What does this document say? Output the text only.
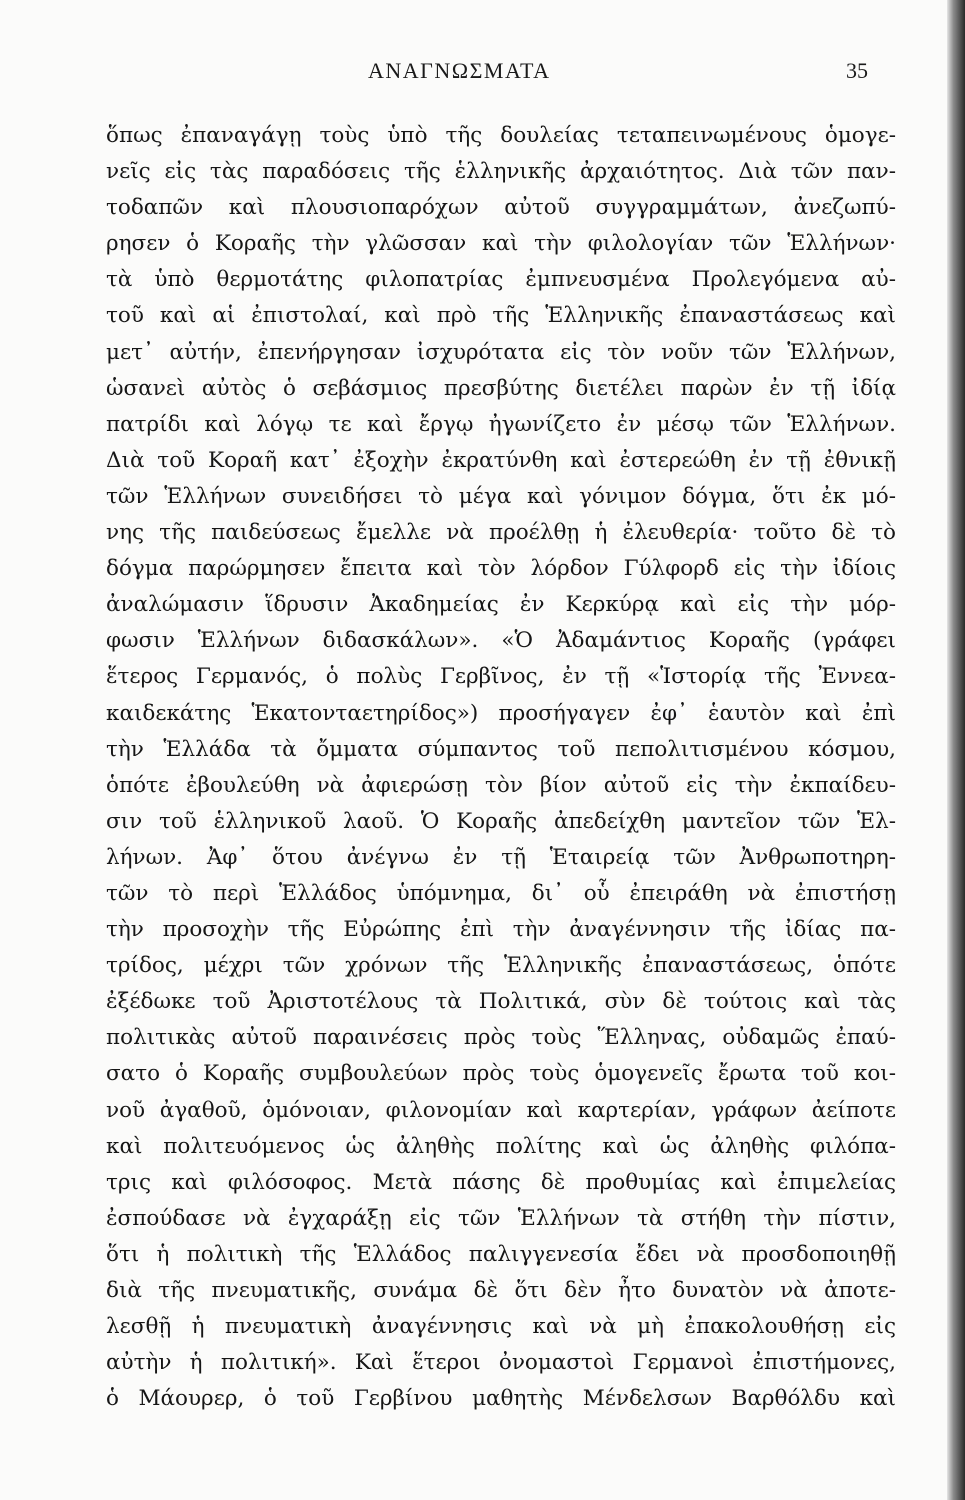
ΑΝΑΓΝΩΣΜΑΤΑ	35
ὅπως ἐπαναγάγῃ τοὺς ὑπὸ τῆς δουλείας τεταπεινωμένους ὁμογε-
νεῖς εἰς τὰς παραδόσεις τῆς ἑλληνικῆς ἀρχαιότητος. Διὰ τῶν παν-
τοδαπῶν καὶ πλουσιοπαρόχων αὐτοῦ συγγραμμάτων, ἀνεζωπύ-
ρησεν ὁ Κοραῆς τὴν γλῶσσαν καὶ τὴν φιλολογίαν τῶν Ἑλλήνων·
τὰ ὑπὸ θερμοτάτης φιλοπατρίας ἐμπνευσμένα Προλεγόμενα αὐ-
τοῦ καὶ αἱ ἐπιστολαί, καὶ πρὸ τῆς Ἑλληνικῆς ἐπαναστάσεως καὶ
μετ᾽ αὐτήν, ἐπενήργησαν ἰσχυρότατα εἰς τὸν νοῦν τῶν Ἑλλήνων,
ὡσανεὶ αὐτὸς ὁ σεβάσμιος πρεσβύτης διετέλει παρὼν ἐν τῇ ἰδίᾳ
πατρίδι καὶ λόγῳ τε καὶ ἔργῳ ἠγωνίζετο ἐν μέσῳ τῶν Ἑλλήνων.
Διὰ τοῦ Κοραῆ κατ᾽ ἐξοχὴν ἐκρατύνθη καὶ ἐστερεώθη ἐν τῇ ἐθνικῇ
τῶν Ἑλλήνων συνειδήσει τὸ μέγα καὶ γόνιμον δόγμα, ὅτι ἐκ μό-
νης τῆς παιδεύσεως ἔμελλε νὰ προέλθῃ ἡ ἐλευθερία· τοῦτο δὲ τὸ
δόγμα παρώρμησεν ἔπειτα καὶ τὸν λόρδον Γύλφορδ εἰς τὴν ἰδίοις
ἀναλώμασιν ἵδρυσιν Ἀκαδημείας ἐν Κερκύρᾳ καὶ εἰς τὴν μόρ-
φωσιν Ἑλλήνων διδασκάλων». «Ὁ Ἀδαμάντιος Κοραῆς (γράφει
ἕτερος Γερμανός, ὁ πολὺς Γερβῖνος, ἐν τῇ «Ἱστορίᾳ τῆς Ἐννεα-
καιδεκάτης Ἑκατονταετηρίδος») προσήγαγεν ἐφ᾽ ἑαυτὸν καὶ ἐπὶ
τὴν Ἑλλάδα τὰ ὄμματα σύμπαντος τοῦ πεπολιτισμένου κόσμου,
ὁπότε ἐβουλεύθη νὰ ἀφιερώσῃ τὸν βίον αὐτοῦ εἰς τὴν ἐκπαίδευ-
σιν τοῦ ἑλληνικοῦ λαοῦ. Ὁ Κοραῆς ἀπεδείχθη μαντεῖον τῶν Ἑλ-
λήνων. Ἀφ᾽ ὅτου ἀνέγνω ἐν τῇ Ἑταιρείᾳ τῶν Ἀνθρωποτηρη-
τῶν τὸ περὶ Ἑλλάδος ὑπόμνημα, δι᾽ οὗ ἐπειράθη νὰ ἐπιστήσῃ
τὴν προσοχὴν τῆς Εὐρώπης ἐπὶ τὴν ἀναγέννησιν τῆς ἰδίας πα-
τρίδος, μέχρι τῶν χρόνων τῆς Ἑλληνικῆς ἐπαναστάσεως, ὁπότε
ἐξέδωκε τοῦ Ἀριστοτέλους τὰ Πολιτικά, σὺν δὲ τούτοις καὶ τὰς
πολιτικὰς αὐτοῦ παραινέσεις πρὸς τοὺς Ἕλληνας, οὐδαμῶς ἐπαύ-
σατο ὁ Κοραῆς συμβουλεύων πρὸς τοὺς ὁμογενεῖς ἔρωτα τοῦ κοι-
νοῦ ἀγαθοῦ, ὁμόνοιαν, φιλονομίαν καὶ καρτερίαν, γράφων ἀείποτε
καὶ πολιτευόμενος ὡς ἀληθὴς πολίτης καὶ ὡς ἀληθὴς φιλόπα-
τρις καὶ φιλόσοφος. Μετὰ πάσης δὲ προθυμίας καὶ ἐπιμελείας
ἐσπούδασε νὰ ἐγχαράξῃ εἰς τῶν Ἑλλήνων τὰ στήθη τὴν πίστιν,
ὅτι ἡ πολιτικὴ τῆς Ἑλλάδος παλιγγενεσία ἔδει νὰ προσδοποιηθῇ
διὰ τῆς πνευματικῆς, συνάμα δὲ ὅτι δὲν ἦτο δυνατὸν νὰ ἀποτε-
λεσθῇ ἡ πνευματικὴ ἀναγέννησις καὶ νὰ μὴ ἐπακολουθήσῃ εἰς
αὐτὴν ἡ πολιτική». Καὶ ἕτεροι ὀνομαστοὶ Γερμανοὶ ἐπιστήμονες,
ὁ Μάουρερ, ὁ τοῦ Γερβίνου μαθητὴς Μένδελσων Βαρθόλδυ καὶ
